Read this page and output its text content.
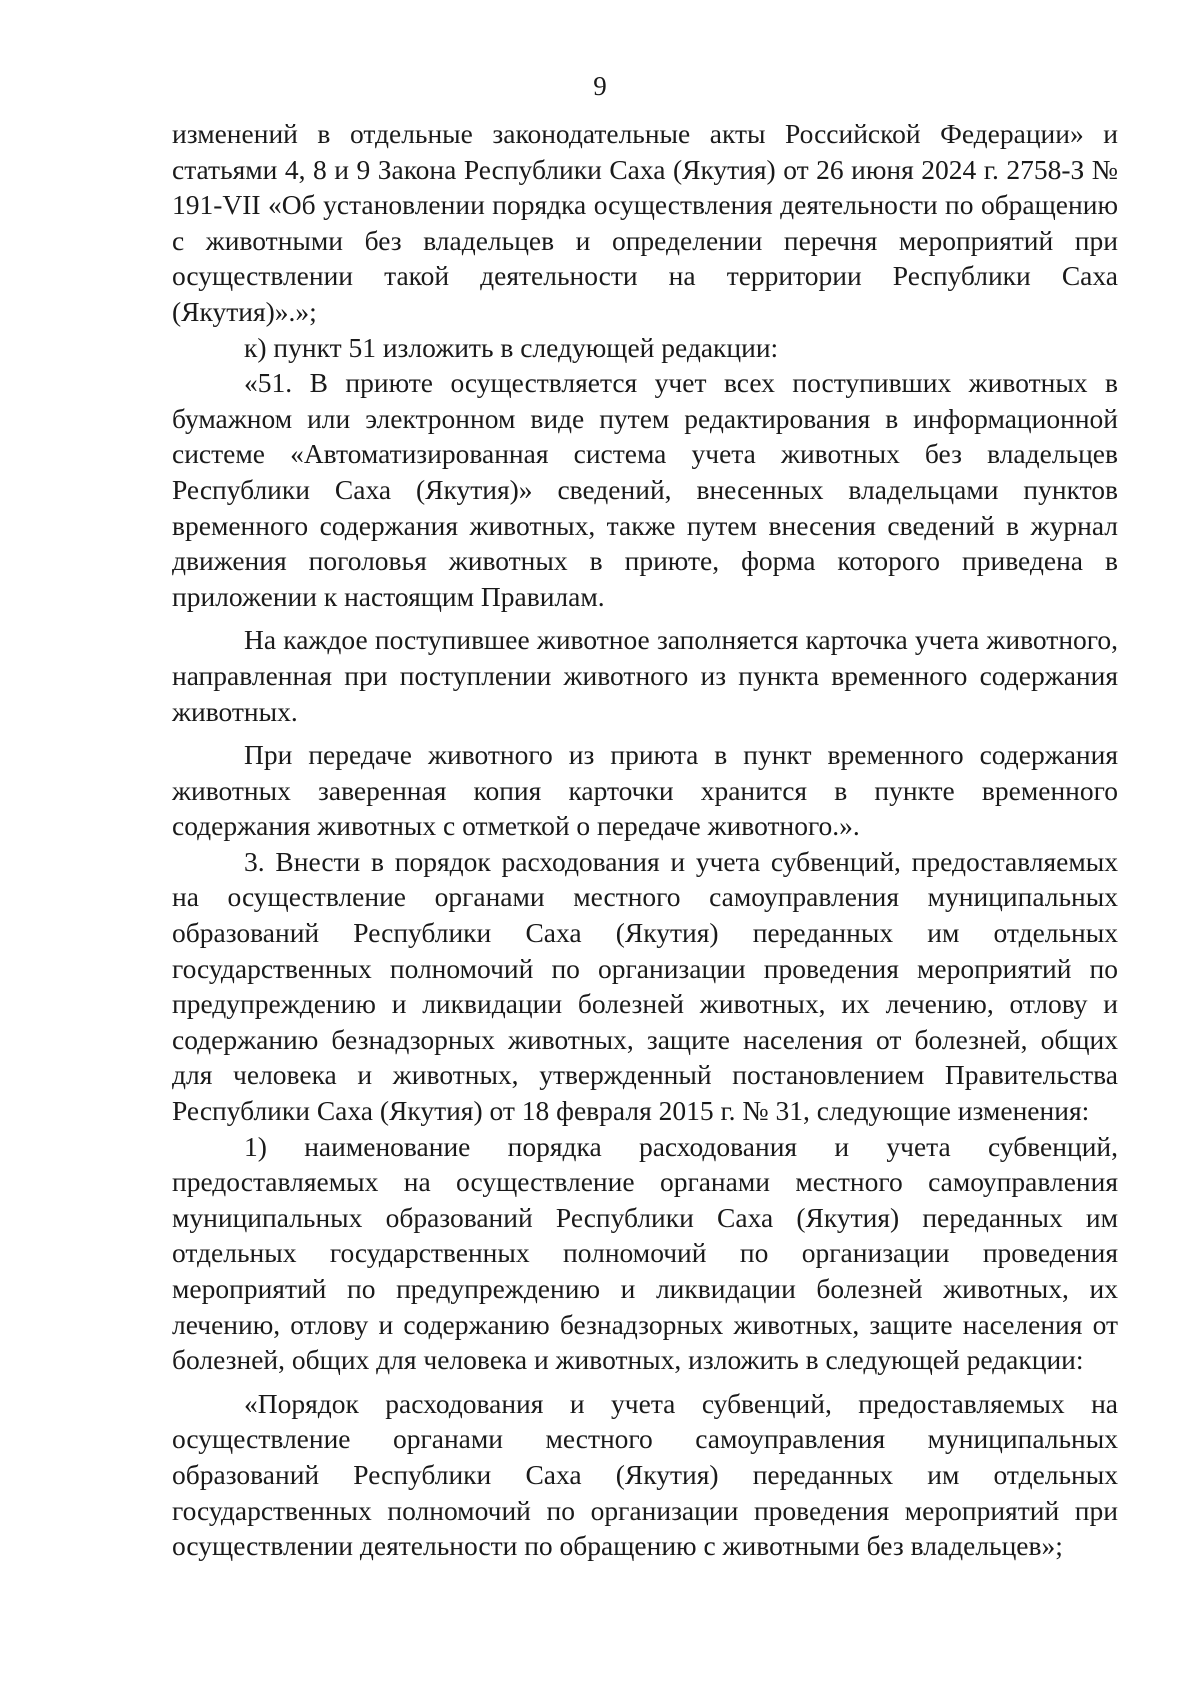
9

изменений в отдельные законодательные акты Российской Федерации» и статьями 4, 8 и 9 Закона Республики Саха (Якутия) от 26 июня 2024 г. 2758-З № 191-VII «Об установлении порядка осуществления деятельности по обращению с животными без владельцев и определении перечня мероприятий при осуществлении такой деятельности на территории Республики Саха (Якутия)».»;

к) пункт 51 изложить в следующей редакции:

«51. В приюте осуществляется учет всех поступивших животных в бумажном или электронном виде путем редактирования в информационной системе «Автоматизированная система учета животных без владельцев Республики Саха (Якутия)» сведений, внесенных владельцами пунктов временного содержания животных, также путем внесения сведений в журнал движения поголовья животных в приюте, форма которого приведена в приложении к настоящим Правилам.

На каждое поступившее животное заполняется карточка учета животного, направленная при поступлении животного из пункта временного содержания животных.

При передаче животного из приюта в пункт временного содержания животных заверенная копия карточки хранится в пункте временного содержания животных с отметкой о передаче животного.».

3. Внести в порядок расходования и учета субвенций, предоставляемых на осуществление органами местного самоуправления муниципальных образований Республики Саха (Якутия) переданных им отдельных государственных полномочий по организации проведения мероприятий по предупреждению и ликвидации болезней животных, их лечению, отлову и содержанию безнадзорных животных, защите населения от болезней, общих для человека и животных, утвержденный постановлением Правительства Республики Саха (Якутия) от 18 февраля 2015 г. № 31, следующие изменения:

1) наименование порядка расходования и учета субвенций, предоставляемых на осуществление органами местного самоуправления муниципальных образований Республики Саха (Якутия) переданных им отдельных государственных полномочий по организации проведения мероприятий по предупреждению и ликвидации болезней животных, их лечению, отлову и содержанию безнадзорных животных, защите населения от болезней, общих для человека и животных, изложить в следующей редакции:

«Порядок расходования и учета субвенций, предоставляемых на осуществление органами местного самоуправления муниципальных образований Республики Саха (Якутия) переданных им отдельных государственных полномочий по организации проведения мероприятий при осуществлении деятельности по обращению с животными без владельцев»;
